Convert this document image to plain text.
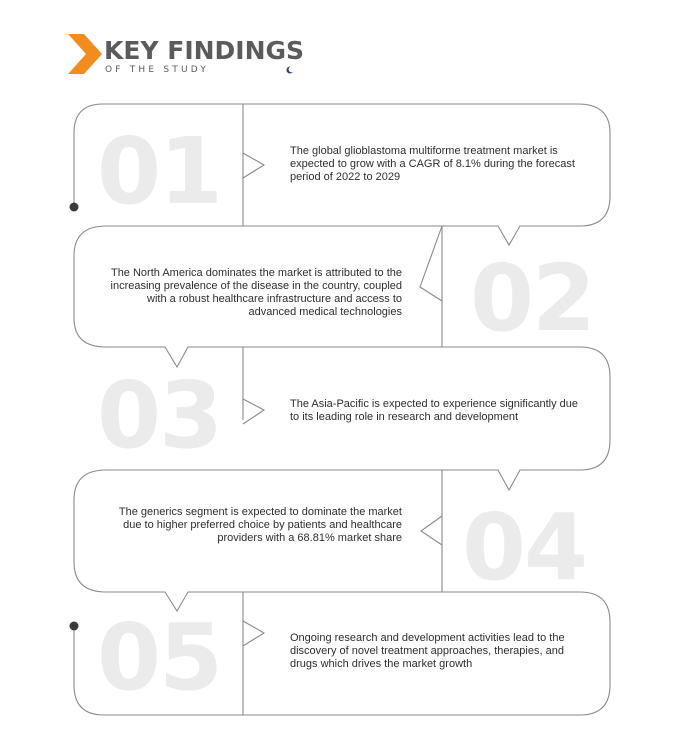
KEY FINDINGS
OF THE STUDY
01	The global glioblastoma multiforme treatment market is expected to grow with a CAGR of 8.1% during the forecast period of 2022 to 2029
02
The North America dominates the market is attributed to the increasing prevalence of the disease in the country, coupled with a robust healthcare infrastructure and access to advanced medical technologies
03	The Asia-Pacific is expected to experience significantly due to its leading role in research and development
04
The generics segment is expected to dominate the market due to higher preferred choice by patients and healthcare providers with a 68.81% market share
05	Ongoing research and development activities lead to the discovery of novel treatment approaches, therapies, and drugs which drives the market growth
